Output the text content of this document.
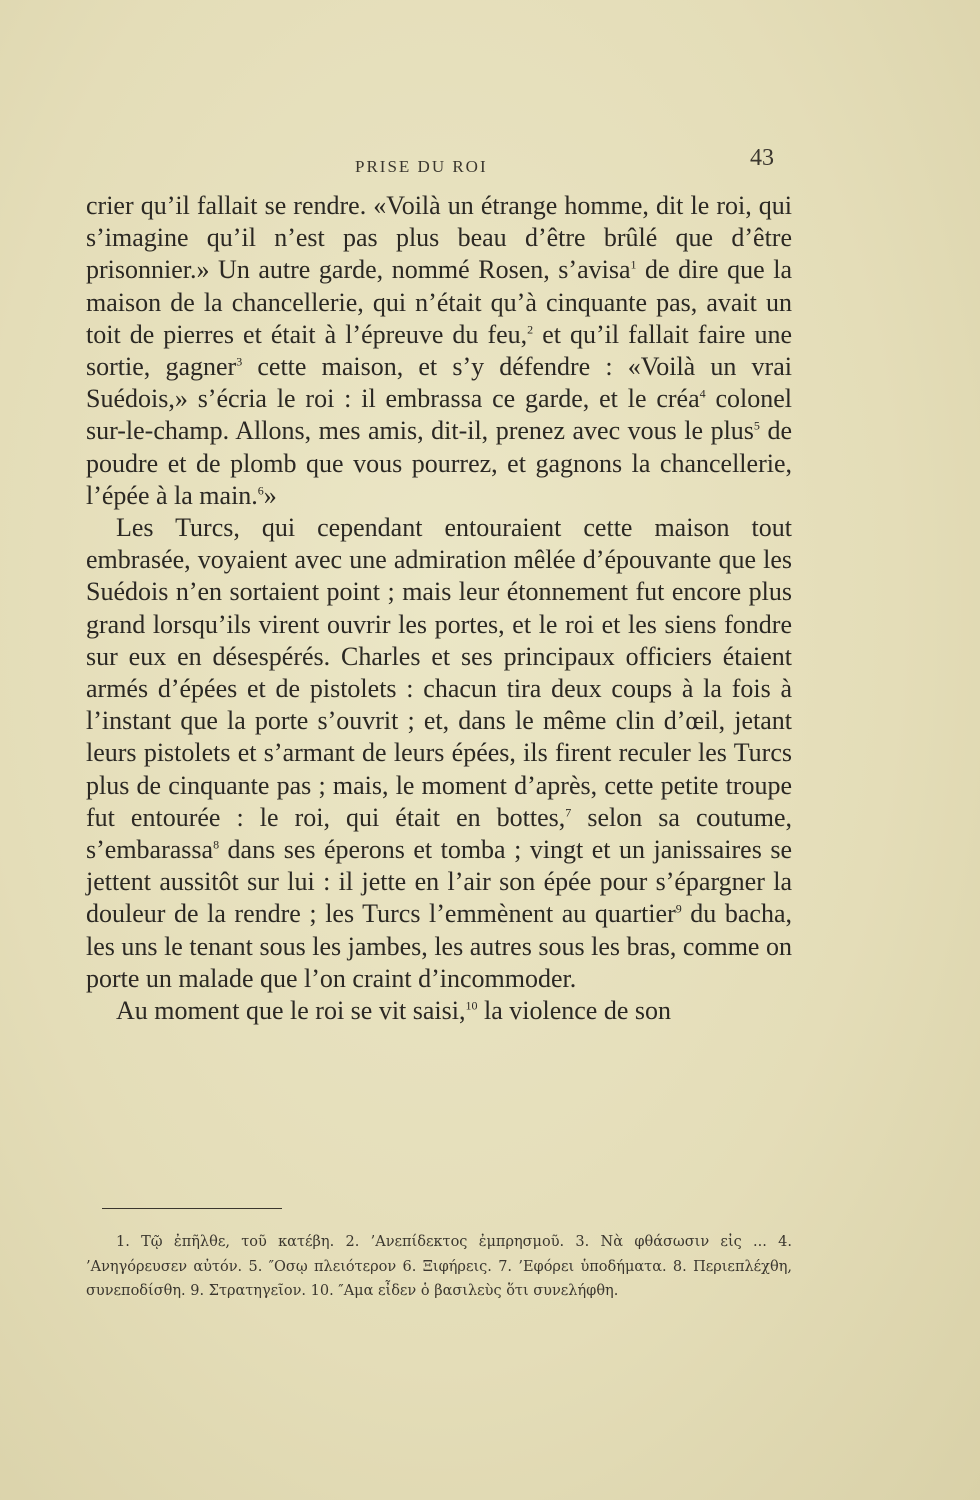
PRISE DU ROI	43

crier qu’il fallait se rendre. «Voilà un étrange homme, dit le roi, qui s’imagine qu’il n’est pas plus beau d’être brûlé que d’être prisonnier.» Un autre garde, nommé Rosen, s’avisa$^1$ de dire que la maison de la chancellerie, qui n’était qu’à cinquante pas, avait un toit de pierres et était à l’épreuve du feu,$^2$ et qu’il fallait faire une sortie, gagner$^3$ cette maison, et s’y défendre : «Voilà un vrai Suédois,» s’écria le roi : il embrassa ce garde, et le créa$^4$ colonel sur-le-champ. Allons, mes amis, dit-il, prenez avec vous le plus$^5$ de poudre et de plomb que vous pourrez, et gagnons la chancellerie, l’épée à la main.$^6$»

Les Turcs, qui cependant entouraient cette maison tout embrasée, voyaient avec une admiration mêlée d’épouvante que les Suédois n’en sortaient point ; mais leur étonnement fut encore plus grand lorsqu’ils virent ouvrir les portes, et le roi et les siens fondre sur eux en désespérés. Charles et ses principaux officiers étaient armés d’épées et de pistolets : chacun tira deux coups à la fois à l’instant que la porte s’ouvrit ; et, dans le même clin d’œil, jetant leurs pistolets et s’armant de leurs épées, ils firent reculer les Turcs plus de cinquante pas ; mais, le moment d’après, cette petite troupe fut entourée : le roi, qui était en bottes,$^7$ selon sa coutume, s’embarassa$^8$ dans ses éperons et tomba ; vingt et un janissaires se jettent aussitôt sur lui : il jette en l’air son épée pour s’épargner la douleur de la rendre ; les Turcs l’emmènent au quartier$^9$ du bacha, les uns le tenant sous les jambes, les autres sous les bras, comme on porte un malade que l’on craint d’incommoder.

Au moment que le roi se vit saisi,$^{10}$ la violence de son

1. Τῷ ἐπῆλθε, τοῦ κατέβη. 2. ’Ανεπίδεκτος ἐμπρησμοῦ. 3. Νὰ φθάσωσιν εἰς ... 4. ’Ανηγόρευσεν αὐτόν. 5. ″Οσῳ πλειότερον 6. Ξιφήρεις. 7. ’Εφόρει ὑποδήματα. 8. Περιεπλέχθη, συνεποδίσθη. 9. Στρατηγεῖον. 10. ″Αμα εἶδεν ὁ βασιλεὺς ὅτι συνελήφθη.
